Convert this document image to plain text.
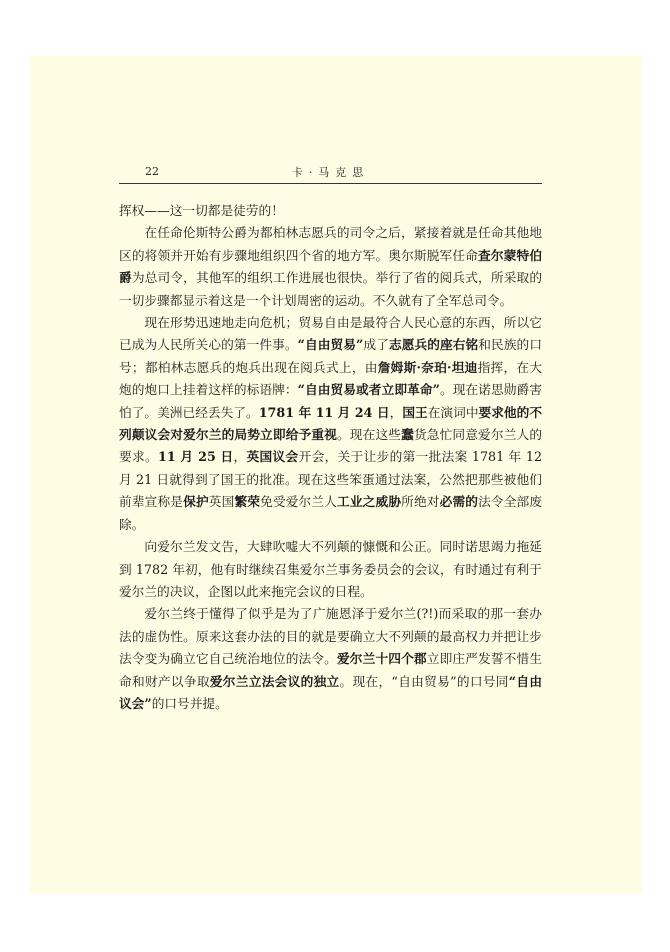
22	卡·马克思

挥权——这一切都是徒劳的！

在任命伦斯特公爵为都柏林志愿兵的司令之后，紧接着就是任命其他地区的将领并开始有步骤地组织四个省的地方军。奥尔斯脱军任命查尔蒙特伯爵为总司令，其他军的组织工作进展也很快。举行了省的阅兵式，所采取的一切步骤都显示着这是一个计划周密的运动。不久就有了全军总司令。

现在形势迅速地走向危机；贸易自由是最符合人民心意的东西，所以它已成为人民所关心的第一件事。“自由贸易”成了志愿兵的座右铭和民族的口号；都柏林志愿兵的炮兵出现在阅兵式上，由詹姆斯·奈珀·坦迪指挥，在大炮的炮口上挂着这样的标语牌：“自由贸易或者立即革命”。现在诺思勋爵害怕了。美洲已经丢失了。1781 年 11 月 24 日，国王在演词中要求他的不列颠议会对爱尔兰的局势立即给予重视。现在这些蠢货急忙同意爱尔兰人的要求。11 月 25 日，英国议会开会，关于让步的第一批法案 1781 年 12 月 21 日就得到了国王的批准。现在这些笨蛋通过法案，公然把那些被他们前辈宣称是保护英国繁荣免受爱尔兰人工业之威胁所绝对必需的法令全部废除。

向爱尔兰发文告，大肆吹嘘大不列颠的慷慨和公正。同时诺思竭力拖延到 1782 年初，他有时继续召集爱尔兰事务委员会的会议，有时通过有利于爱尔兰的决议，企图以此来拖完会议的日程。

爱尔兰终于懂得了似乎是为了广施恩泽于爱尔兰(?!)而采取的那一套办法的虚伪性。原来这套办法的目的就是要确立大不列颠的最高权力并把让步法令变为确立它自己统治地位的法令。爱尔兰十四个郡立即庄严发誓不惜生命和财产以争取爱尔兰立法会议的独立。现在，“自由贸易”的口号同“自由议会”的口号并提。
